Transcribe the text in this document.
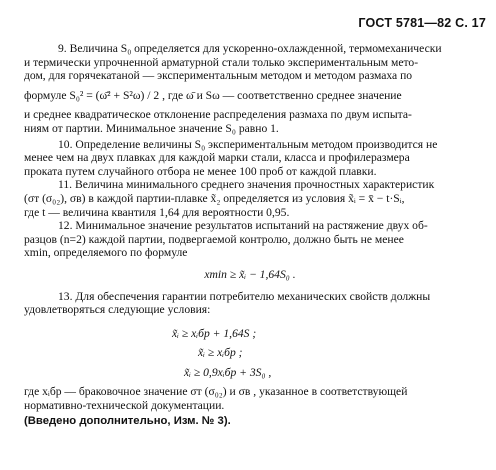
ГОСТ 5781—82 С. 17
9. Величина S₀ определяется для ускоренно-охлажденной, термомеханически
и термически упрочненной арматурной стали только экспериментальным мето-
дом, для горячекатаной — экспериментальным методом и методом размаха по
формуле S₀² = (ω̄² + S²ω) / 2 , где ω̄ и Sω — соответственно среднее значение
и среднее квадратическое отклонение распределения размаха по двум испыта-
ниям от партии. Минимальное значение S₀ равно 1.
10. Определение величины S₀ экспериментальным методом производится не
менее чем на двух плавках для каждой марки стали, класса и профилеразмера
проката путем случайного отбора не менее 100 проб от каждой плавки.
11. Величина минимального среднего значения прочностных характеристик
(σт (σ₀₂), σв) в каждой партии-плавке x̃₂ определяется из условия x̃ᵢ = x̄ − t·Sᵢ,
где t — величина квантиля 1,64 для вероятности 0,95.
12. Минимальное значение результатов испытаний на растяжение двух об-
разцов (n=2) каждой партии, подвергаемой контролю, должно быть не менее
xmin, определяемого по формуле
xmin ≥ x̃ᵢ − 1,64S₀ .
13. Для обеспечения гарантии потребителю механических свойств должны
удовлетворяться следующие условия:
x̃ᵢ ≥ xᵢбр + 1,64S ;
x̃ᵢ ≥ xᵢбр ;
x̃ᵢ ≥ 0,9xᵢбр + 3S₀ ,
где xᵢбр — браковочное значение σт (σ₀₂) и σв , указанное в соответствующей
нормативно-технической документации.
(Введено дополнительно, Изм. № 3).
